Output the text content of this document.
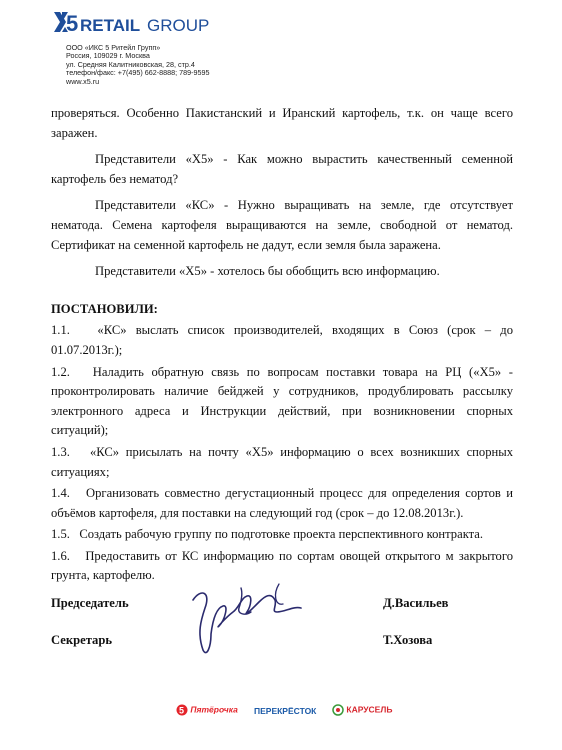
5 RETAIL GROUP
ООО «ИКС 5 Ритейл Групп»
Россия, 109029 г. Москва
ул. Средняя Калитниковская, 28, стр.4
телефон/факс: +7(495) 662-8888; 789-9595
www.x5.ru

проверяться. Особенно Пакистанский и Иранский картофель, т.к. он чаще всего заражен.

Представители «Х5» - Как можно вырастить качественный семенной картофель без нематод?

Представители «КС» - Нужно выращивать на земле, где отсутствует нематода. Семена картофеля выращиваются на земле, свободной от нематод. Сертификат на семенной картофель не дадут, если земля была заражена.

Представители «Х5» - хотелось бы обобщить всю информацию.

ПОСТАНОВИЛИ:

1.1.   «КС» выслать список производителей, входящих в Союз (срок – до 01.07.2013г.);

1.2.   Наладить обратную связь по вопросам поставки товара на РЦ («Х5» - проконтролировать наличие бейджей у сотрудников, продублировать рассылку электронного адреса и Инструкции действий, при возникновении спорных ситуаций);

1.3.   «КС» присылать на почту «Х5» информацию о всех возникших спорных ситуациях;

1.4.   Организовать совместно дегустационный процесс для определения сортов и объёмов картофеля, для поставки на следующий год (срок – до 12.08.2013г.).

1.5.   Создать рабочую группу по подготовке проекта перспективного контракта.

1.6.   Предоставить от КС информацию по сортам овощей открытого м закрытого грунта, картофелю.

Председатель	Д.Васильев
Секретарь	Т.Хозова
5 Пятёрочка ПЕРЕКРЁСТОК	КАРУСЕЛЬ
